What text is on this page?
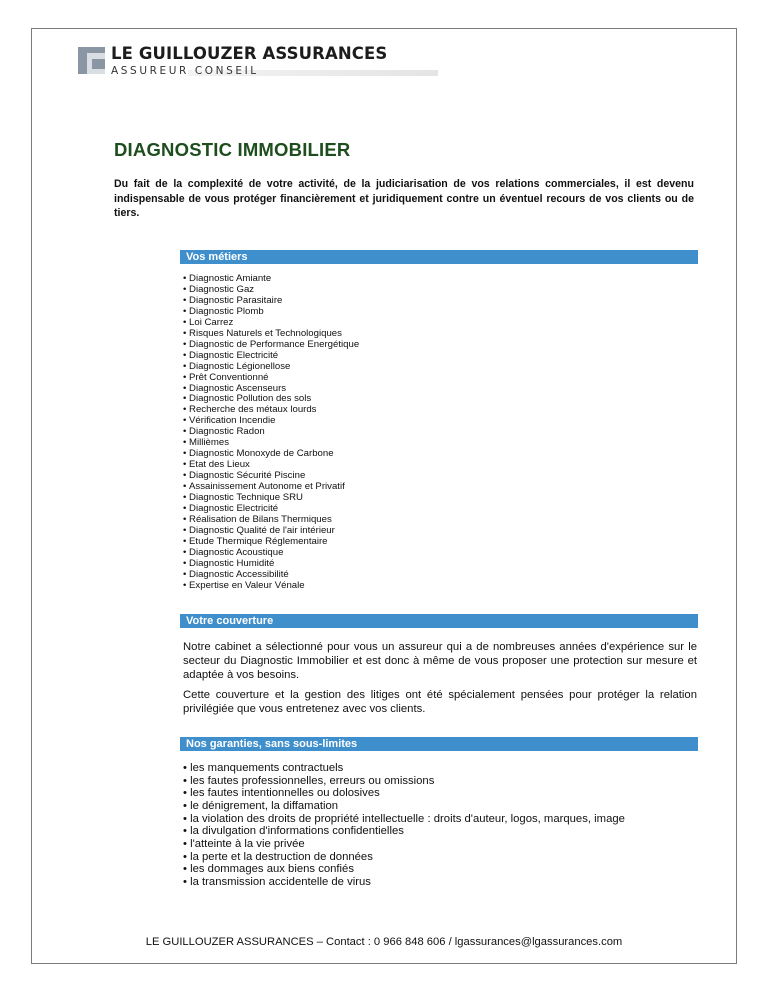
LE GUILLOUZER ASSURANCES
ASSUREUR CONSEIL
DIAGNOSTIC IMMOBILIER

Du fait de la complexité de votre activité, de la judiciarisation de vos relations commerciales, il est devenu indispensable de vous protéger financièrement et juridiquement contre un éventuel recours de vos clients ou de tiers.

Vos métiers
• Diagnostic Amiante
• Diagnostic Gaz
• Diagnostic Parasitaire
• Diagnostic Plomb
• Loi Carrez
• Risques Naturels et Technologiques
• Diagnostic de Performance Energétique
• Diagnostic Electricité
• Diagnostic Légionellose
• Prêt Conventionné
• Diagnostic Ascenseurs
• Diagnostic Pollution des sols
• Recherche des métaux lourds
• Vérification Incendie
• Diagnostic Radon
• Millièmes
• Diagnostic Monoxyde de Carbone
• Etat des Lieux
• Diagnostic Sécurité Piscine
• Assainissement Autonome et Privatif
• Diagnostic Technique SRU
• Diagnostic Electricité
• Réalisation de Bilans Thermiques
• Diagnostic Qualité de l'air intérieur
• Etude Thermique Réglementaire
• Diagnostic Acoustique
• Diagnostic Humidité
• Diagnostic Accessibilité
• Expertise en Valeur Vénale
Votre couverture

Notre cabinet a sélectionné pour vous un assureur qui a de nombreuses années d'expérience sur le secteur du Diagnostic Immobilier et est donc à même de vous proposer une protection sur mesure et adaptée à vos besoins.

Cette couverture et la gestion des litiges ont été spécialement pensées pour protéger la relation privilégiée que vous entretenez avec vos clients.

Nos garanties, sans sous-limites
• les manquements contractuels
• les fautes professionnelles, erreurs ou omissions
• les fautes intentionnelles ou dolosives
• le dénigrement, la diffamation
• la violation des droits de propriété intellectuelle : droits d'auteur, logos, marques, image
• la divulgation d'informations confidentielles
• l'atteinte à la vie privée
• la perte et la destruction de données
• les dommages aux biens confiés
• la transmission accidentelle de virus

LE GUILLOUZER ASSURANCES – Contact : 0 966 848 606 / lgassurances@lgassurances.com
